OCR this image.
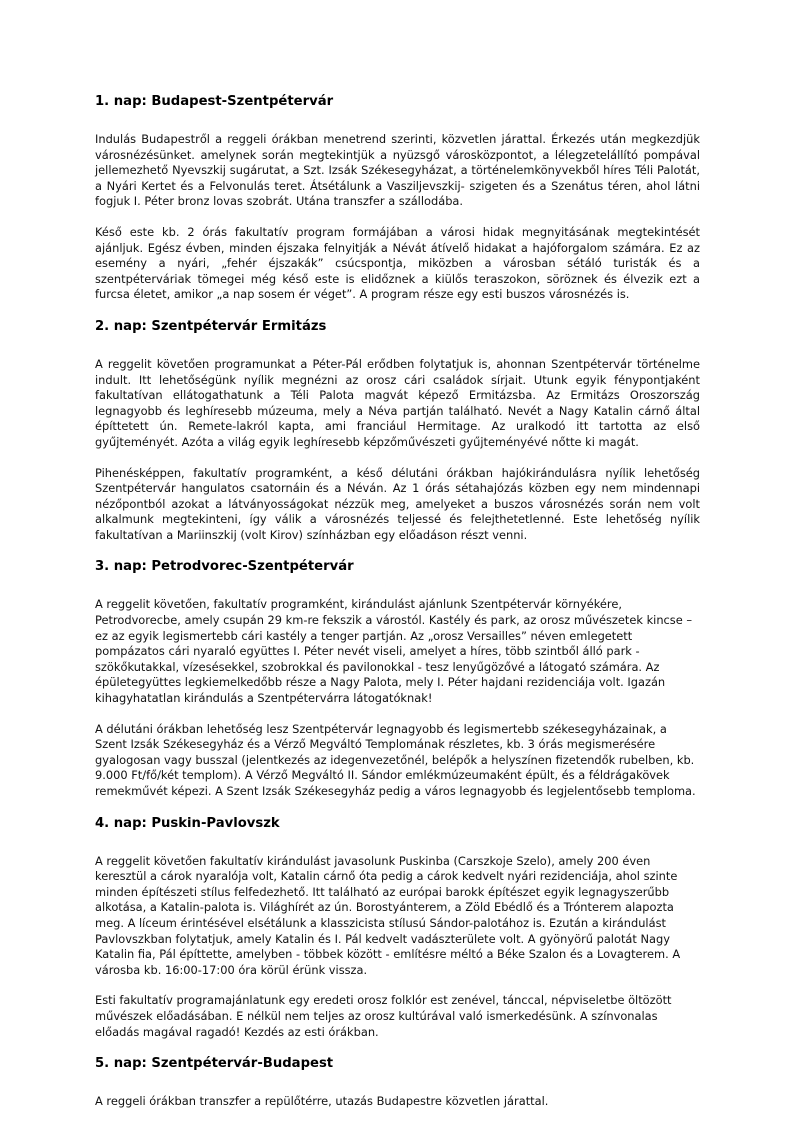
1. nap: Budapest-Szentpétervár

Indulás Budapestről a reggeli órákban menetrend szerinti, közvetlen járattal. Érkezés után megkezdjük városnézésünket. amelynek során megtekintjük a nyüzsgő városközpontot, a lélegzetelállító pompával jellemezhető Nyevszkij sugárutat, a Szt. Izsák Székesegyházat, a történelemkönyvekből híres Téli Palotát, a Nyári Kertet és a Felvonulás teret. Átsétálunk a Vasziljevszkij- szigeten és a Szenátus téren, ahol látni fogjuk I. Péter bronz lovas szobrát. Utána transzfer a szállodába.

Késő este kb. 2 órás fakultatív program formájában a városi hidak megnyitásának megtekintését ajánljuk. Egész évben, minden éjszaka felnyitják a Névát átívelő hidakat a hajóforgalom számára. Ez az esemény a nyári, „fehér éjszakák” csúcspontja, miközben a városban sétáló turisták és a szentpéterváriak tömegei még késő este is elidőznek a kiülős teraszokon, söröznek és élvezik ezt a furcsa életet, amikor „a nap sosem ér véget”. A program része egy esti buszos városnézés is.

2. nap: Szentpétervár Ermitázs

A reggelit követően programunkat a Péter-Pál erődben folytatjuk is, ahonnan Szentpétervár történelme indult. Itt lehetőségünk nyílik megnézni az orosz cári családok sírjait. Utunk egyik fénypontjaként fakultatívan ellátogathatunk a Téli Palota magvát képező Ermitázsba. Az Ermitázs Oroszország legnagyobb és leghíresebb múzeuma, mely a Néva partján található. Nevét a Nagy Katalin cárnő által építtetett ún. Remete-lakról kapta, ami franciául Hermitage. Az uralkodó itt tartotta az első gyűjteményét. Azóta a világ egyik leghíresebb képzőművészeti gyűjteményévé nőtte ki magát.

Pihenésképpen, fakultatív programként, a késő délutáni órákban hajókirándulásra nyílik lehetőség Szentpétervár hangulatos csatornáin és a Néván. Az 1 órás sétahajózás közben egy nem mindennapi nézőpontból azokat a látványosságokat nézzük meg, amelyeket a buszos városnézés során nem volt alkalmunk megtekinteni, így válik a városnézés teljessé és felejthetetlenné. Este lehetőség nyílik fakultatívan a Mariinszkij (volt Kirov) színházban egy előadáson részt venni.

3. nap: Petrodvorec-Szentpétervár

A reggelit követően, fakultatív programként, kirándulást ajánlunk Szentpétervár környékére, Petrodvorecbe, amely csupán 29 km-re fekszik a várostól. Kastély és park, az orosz művészetek kincse – ez az egyik legismertebb cári kastély a tenger partján. Az „orosz Versailles” néven emlegetett pompázatos cári nyaraló együttes I. Péter nevét viseli, amelyet a híres, több szintből álló park - szökőkutakkal, vízesésekkel, szobrokkal és pavilonokkal - tesz lenyűgözővé a látogató számára. Az épületegyüttes legkiemelkedőbb része a Nagy Palota, mely I. Péter hajdani rezidenciája volt. Igazán kihagyhatatlan kirándulás a Szentpétervárra látogatóknak!

A délutáni órákban lehetőség lesz Szentpétervár legnagyobb és legismertebb székesegyházainak, a Szent Izsák Székesegyház és a Vérző Megváltó Templomának részletes, kb. 3 órás megismerésére gyalogosan vagy busszal (jelentkezés az idegenvezetőnél, belépők a helyszínen fizetendők rubelben, kb. 9.000 Ft/fő/két templom). A Vérző Megváltó II. Sándor emlékmúzeumaként épült, és a féldrágakövek remekművét képezi. A Szent Izsák Székesegyház pedig a város legnagyobb és legjelentősebb temploma.

4. nap: Puskin-Pavlovszk

A reggelit követően fakultatív kirándulást javasolunk Puskinba (Carszkoje Szelo), amely 200 éven keresztül a cárok nyaralója volt, Katalin cárnő óta pedig a cárok kedvelt nyári rezidenciája, ahol szinte minden építészeti stílus felfedezhető. Itt található az európai barokk építészet egyik legnagyszerűbb alkotása, a Katalin-palota is. Világhírét az ún. Borostyánterem, a Zöld Ebédlő és a Trónterem alapozta meg. A líceum érintésével elsétálunk a klasszicista stílusú Sándor-palotához is. Ezután a kirándulást Pavlovszkban folytatjuk, amely Katalin és I. Pál kedvelt vadászterülete volt. A gyönyörű palotát Nagy Katalin fia, Pál építtette, amelyben - többek között - említésre méltó a Béke Szalon és a Lovagterem. A városba kb. 16:00-17:00 óra körül érünk vissza.

Esti fakultatív programajánlatunk egy eredeti orosz folklór est zenével, tánccal, népviseletbe öltözött művészek előadásában. E nélkül nem teljes az orosz kultúrával való ismerkedésünk. A színvonalas előadás magával ragadó! Kezdés az esti órákban.

5. nap: Szentpétervár-Budapest

A reggeli órákban transzfer a repülőtérre, utazás Budapestre közvetlen járattal.
